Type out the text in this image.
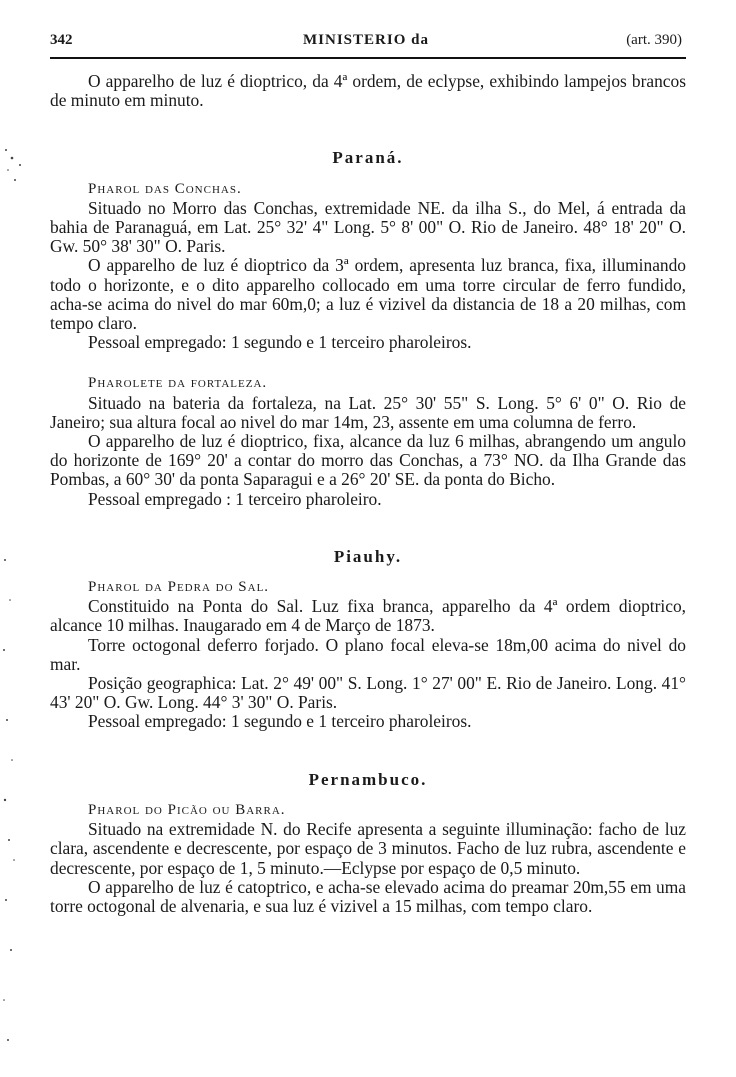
342	MINISTERIO da	(art. 390)

O apparelho de luz é dioptrico, da 4ª ordem, de eclypse, exhibindo lampejos brancos de minuto em minuto.

Paraná.

Pharol das Conchas.

Situado no Morro das Conchas, extremidade NE. da ilha S., do Mel, á entrada da bahia de Paranaguá, em Lat. 25° 32' 4" Long. 5° 8' 00" O. Rio de Janeiro. 48° 18' 20" O. Gw. 50° 38' 30" O. Paris.

O apparelho de luz é dioptrico da 3ª ordem, apresenta luz branca, fixa, illuminando todo o horizonte, e o dito apparelho collocado em uma torre circular de ferro fundido, acha-se acima do nivel do mar 60m,0; a luz é vizivel da distancia de 18 a 20 milhas, com tempo claro.

Pessoal empregado: 1 segundo e 1 terceiro pharoleiros.

Pharolete da fortaleza.

Situado na bateria da fortaleza, na Lat. 25° 30' 55" S. Long. 5° 6' 0" O. Rio de Janeiro; sua altura focal ao nivel do mar 14m, 23, assente em uma columna de ferro.

O apparelho de luz é dioptrico, fixa, alcance da luz 6 milhas, abrangendo um angulo do horizonte de 169° 20' a contar do morro das Conchas, a 73° NO. da Ilha Grande das Pombas, a 60° 30' da ponta Saparagui e a 26° 20' SE. da ponta do Bicho.

Pessoal empregado : 1 terceiro pharoleiro.

Piauhy.

Pharol da Pedra do Sal.

Constituido na Ponta do Sal. Luz fixa branca, apparelho da 4ª ordem dioptrico, alcance 10 milhas. Inaugarado em 4 de Março de 1873.

Torre octogonal deferro forjado. O plano focal eleva-se 18m,00 acima do nivel do mar.

Posição geographica: Lat. 2° 49' 00" S. Long. 1° 27' 00" E. Rio de Janeiro. Long. 41° 43' 20" O. Gw. Long. 44° 3' 30" O. Paris.

Pessoal empregado: 1 segundo e 1 terceiro pharoleiros.

Pernambuco.

Pharol do Picão ou Barra.

Situado na extremidade N. do Recife apresenta a seguinte illuminação: facho de luz clara, ascendente e decrescente, por espaço de 3 minutos. Facho de luz rubra, ascendente e decrescente, por espaço de 1, 5 minuto.—Eclypse por espaço de 0,5 minuto.

O apparelho de luz é catoptrico, e acha-se elevado acima do preamar 20m,55 em uma torre octogonal de alvenaria, e sua luz é vizivel a 15 milhas, com tempo claro.
